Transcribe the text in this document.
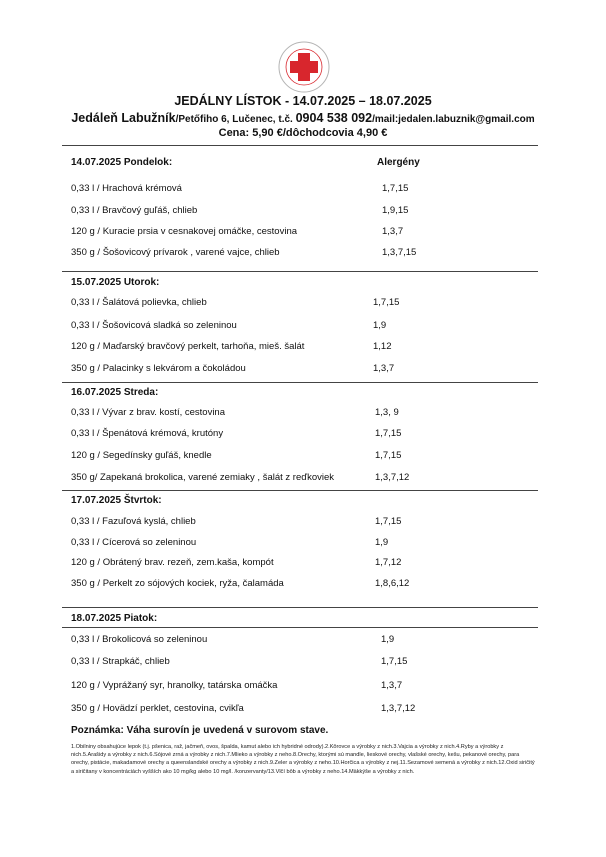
JEDÁLNY LÍSTOK - 14.07.2025 – 18.07.2025
Jedáleň Labužník/Petőfiho 6, Lučenec, t.č. 0904 538 092/mail:jedalen.labuznik@gmail.com
Cena: 5,90 €/dôchodcovia 4,90 €
Alergény
14.07.2025 Pondelok:
0,33 l / Hrachová krémová	1,7,15
0,33 l / Bravčový guľáš, chlieb	1,9,15
120 g / Kuracie prsia v cesnakovej omáčke, cestovina	1,3,7
350 g / Šošovicový prívarok , varené vajce, chlieb	1,3,7,15
15.07.2025 Utorok:
0,33 l / Šalátová polievka, chlieb	1,7,15
0,33 l / Šošovicová sladká so zeleninou	1,9
120 g / Maďarský bravčový perkelt, tarhoňa, mieš. šalát	1,12
350 g / Palacinky s lekvárom a čokoládou	1,3,7
16.07.2025 Streda:
0,33 l / Vývar z brav. kostí, cestovina	1,3, 9
0,33 l / Špenátová krémová, krutóny	1,7,15
120 g / Segedínsky guľáš, knedle	1,7,15
350 g/ Zapekaná brokolica, varené zemiaky , šalát z reďkoviek	1,3,7,12
17.07.2025 Štvrtok:
0,33 l / Fazuľová kyslá, chlieb	1,7,15
0,33 l / Cícerová so zeleninou	1,9
120 g / Obrátený brav. rezeň, zem.kaša, kompót	1,7,12
350 g / Perkelt zo sójových kociek, ryža, čalamáda	1,8,6,12
18.07.2025 Piatok:
0,33 l / Brokolicová so zeleninou	1,9
0,33 l / Strapkáč, chlieb	1,7,15
120 g / Vyprážaný syr, hranolky, tatárska omáčka	1,3,7
350 g / Hovädzí perklet, cestovina, cvikľa	1,3,7,12
Poznámka: Váha surovín je uvedená v surovom stave.
1.Obilniny obsahujúce lepok (t.j. pšenica, raž, jačmeň, ovos, špalda, kamut alebo ich hybridné odrody).2.Kôrovce a výrobky z nich.3.Vajcia a výrobky z nich.4.Ryby a výrobky z nich.5.Arašidy a výrobky z nich.6.Sójové zrná a výrobky z nich.7.Mlieko a výrobky z neho.8.Orechy, ktorými sú mandle, lieskové orechy, vlašské orechy, kešu, pekanové orechy, para orechy, pistácie, makadamové orechy a queenslandské orechy a výrobky z nich.9.Zeler a výrobky z neho.10.Horčica a výrobky z nej.11.Sezamové semená a výrobky z nich.12.Oxid siričitý a siričitany v koncentráciách vyšších ako 10 mg/kg alebo 10 mg/l. /konzervanty/13.Vlčí bôb a výrobky z neho.14.Mäkkýše a výrobky z nich.
